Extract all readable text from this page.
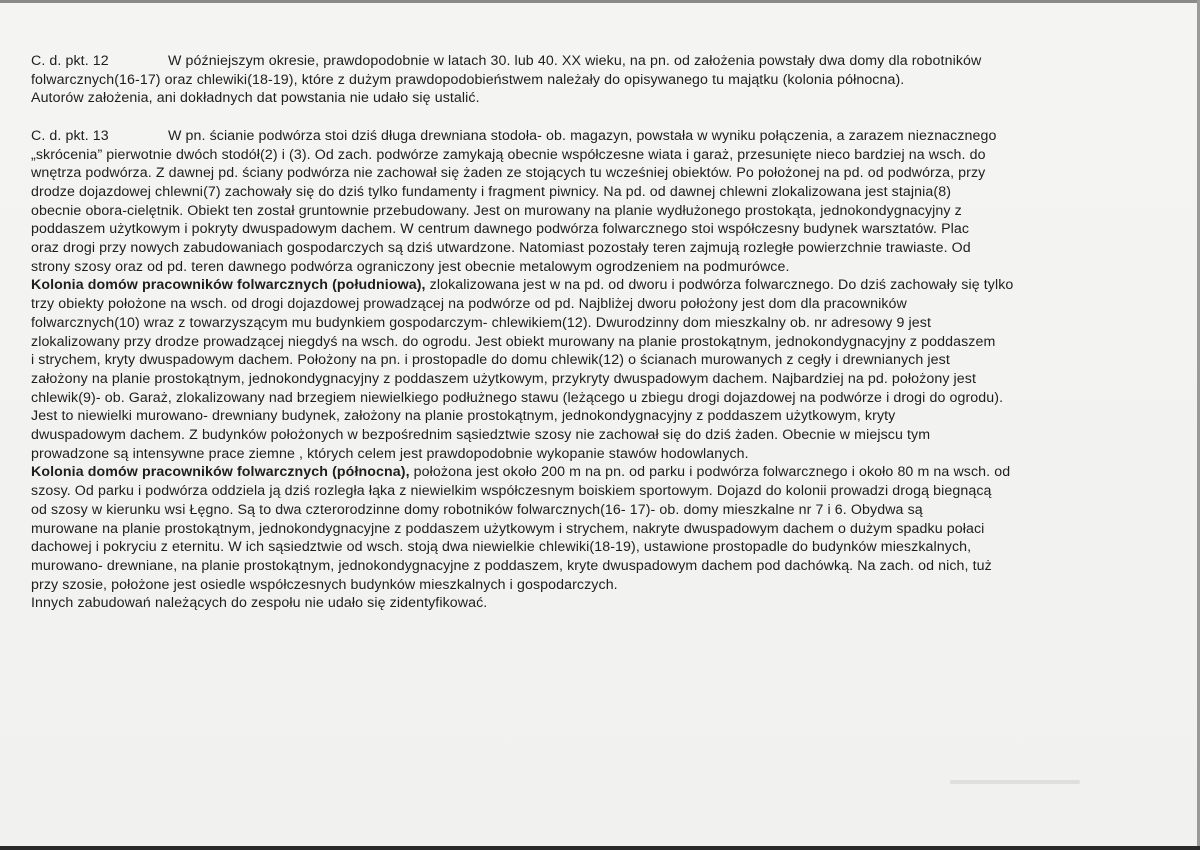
C. d. pkt. 12	W późniejszym okresie, prawdopodobnie w latach 30. lub 40. XX wieku, na pn. od założenia powstały dwa domy dla robotników
folwarcznych(16-17) oraz chlewiki(18-19), które z dużym prawdopodobieństwem należały do opisywanego tu majątku (kolonia północna).
Autorów założenia, ani dokładnych dat powstania nie udało się ustalić.
C. d. pkt. 13	W pn. ścianie podwórza stoi dziś długa drewniana stodoła- ob. magazyn, powstała w wyniku połączenia, a zarazem nieznacznego
„skrócenia” pierwotnie dwóch stodół(2) i (3). Od zach. podwórze zamykają obecnie współczesne wiata i garaż, przesunięte nieco bardziej na wsch. do
wnętrza podwórza. Z dawnej pd. ściany podwórza nie zachował się żaden ze stojących tu wcześniej obiektów. Po położonej na pd. od podwórza, przy
drodze dojazdowej chlewni(7) zachowały się do dziś tylko fundamenty i fragment piwnicy. Na pd. od dawnej chlewni zlokalizowana jest stajnia(8)
obecnie obora-cielętnik. Obiekt ten został gruntownie przebudowany. Jest on murowany na planie wydłużonego prostokąta, jednokondygnacyjny z
poddaszem użytkowym i pokryty dwuspadowym dachem. W centrum dawnego podwórza folwarcznego stoi współczesny budynek warsztatów. Plac
oraz drogi przy nowych zabudowaniach gospodarczych są dziś utwardzone. Natomiast pozostały teren zajmują rozległe powierzchnie trawiaste. Od
strony szosy oraz od pd. teren dawnego podwórza ograniczony jest obecnie metalowym ogrodzeniem na podmurówce.
Kolonia domów pracowników folwarcznych (południowa), zlokalizowana jest w na pd. od dworu i podwórza folwarcznego. Do dziś zachowały się tylko
trzy obiekty położone na wsch. od drogi dojazdowej prowadzącej na podwórze od pd. Najbliżej dworu położony jest dom dla pracowników
folwarcznych(10) wraz z towarzyszącym mu budynkiem gospodarczym- chlewikiem(12). Dwurodzinny dom mieszkalny ob. nr adresowy 9 jest
zlokalizowany przy drodze prowadzącej niegdyś na wsch. do ogrodu. Jest obiekt murowany na planie prostokątnym, jednokondygnacyjny z poddaszem
i strychem, kryty dwuspadowym dachem. Położony na pn. i prostopadle do domu chlewik(12) o ścianach murowanych z cegły i drewnianych jest
założony na planie prostokątnym, jednokondygnacyjny z poddaszem użytkowym, przykryty dwuspadowym dachem. Najbardziej na pd. położony jest
chlewik(9)- ob. Garaż, zlokalizowany nad brzegiem niewielkiego podłużnego stawu (leżącego u zbiegu drogi dojazdowej na podwórze i drogi do ogrodu).
Jest to niewielki murowano- drewniany budynek, założony na planie prostokątnym, jednokondygnacyjny z poddaszem użytkowym, kryty
dwuspadowym dachem. Z budynków położonych w bezpośrednim sąsiedztwie szosy nie zachował się do dziś żaden. Obecnie w miejscu tym
prowadzone są intensywne prace ziemne , których celem jest prawdopodobnie wykopanie stawów hodowlanych.
Kolonia domów pracowników folwarcznych (północna), położona jest około 200 m na pn. od parku i podwórza folwarcznego i około 80 m na wsch. od
szosy. Od parku i podwórza oddziela ją dziś rozległa łąka z niewielkim współczesnym boiskiem sportowym. Dojazd do kolonii prowadzi drogą biegnącą
od szosy w kierunku wsi Łęgno. Są to dwa czterorodzinne domy robotników folwarcznych(16- 17)- ob. domy mieszkalne nr 7 i 6. Obydwa są
murowane na planie prostokątnym, jednokondygnacyjne z poddaszem użytkowym i strychem, nakryte dwuspadowym dachem o dużym spadku połaci
dachowej i pokryciu z eternitu. W ich sąsiedztwie od wsch. stoją dwa niewielkie chlewiki(18-19), ustawione prostopadle do budynków mieszkalnych,
murowano- drewniane, na planie prostokątnym, jednokondygnacyjne z poddaszem, kryte dwuspadowym dachem pod dachówką. Na zach. od nich, tuż
przy szosie, położone jest osiedle współczesnych budynków mieszkalnych i gospodarczych.
Innych zabudowań należących do zespołu nie udało się zidentyfikować.
